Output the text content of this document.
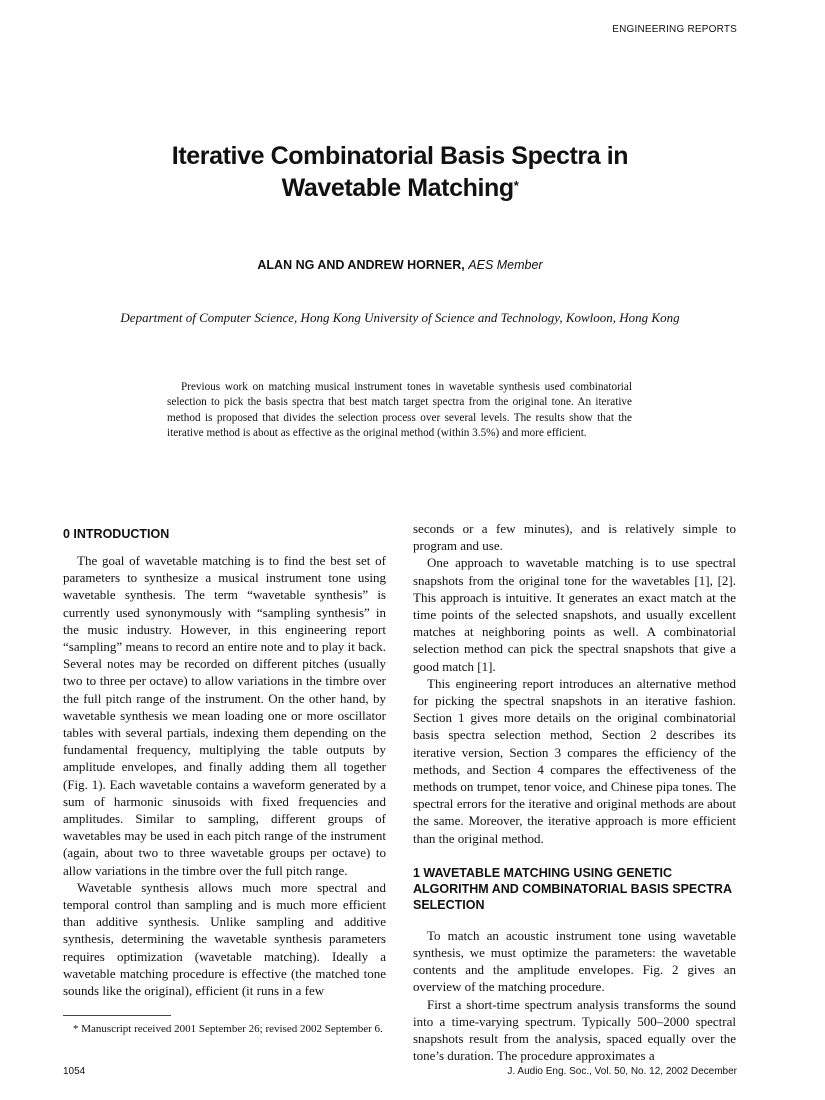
ENGINEERING REPORTS
Iterative Combinatorial Basis Spectra in
Wavetable Matching*
ALAN NG AND ANDREW HORNER, AES Member
Department of Computer Science, Hong Kong University of Science and Technology, Kowloon, Hong Kong

Previous work on matching musical instrument tones in wavetable synthesis used combinatorial selection to pick the basis spectra that best match target spectra from the original tone. An iterative method is proposed that divides the selection process over several levels. The results show that the iterative method is about as effective as the original method (within 3.5%) and more efficient.

0 INTRODUCTION

The goal of wavetable matching is to find the best set of parameters to synthesize a musical instrument tone using wavetable synthesis. The term “wavetable synthesis” is currently used synonymously with “sampling synthesis” in the music industry. However, in this engineering report “sampling” means to record an entire note and to play it back. Several notes may be recorded on different pitches (usually two to three per octave) to allow variations in the timbre over the full pitch range of the instrument. On the other hand, by wavetable synthesis we mean loading one or more oscillator tables with several partials, indexing them depending on the fundamental frequency, multiplying the table outputs by amplitude envelopes, and finally adding them all together (Fig. 1). Each wavetable contains a waveform generated by a sum of harmonic sinusoids with fixed frequencies and amplitudes. Similar to sampling, different groups of wavetables may be used in each pitch range of the instrument (again, about two to three wavetable groups per octave) to allow variations in the timbre over the full pitch range.

Wavetable synthesis allows much more spectral and temporal control than sampling and is much more efficient than additive synthesis. Unlike sampling and additive synthesis, determining the wavetable synthesis parameters requires optimization (wavetable matching). Ideally a wavetable matching procedure is effective (the matched tone sounds like the original), efficient (it runs in a few

seconds or a few minutes), and is relatively simple to program and use.

One approach to wavetable matching is to use spectral snapshots from the original tone for the wavetables [1], [2]. This approach is intuitive. It generates an exact match at the time points of the selected snapshots, and usually excellent matches at neighboring points as well. A combinatorial selection method can pick the spectral snapshots that give a good match [1].

This engineering report introduces an alternative method for picking the spectral snapshots in an iterative fashion. Section 1 gives more details on the original combinatorial basis spectra selection method, Section 2 describes its iterative version, Section 3 compares the efficiency of the methods, and Section 4 compares the effectiveness of the methods on trumpet, tenor voice, and Chinese pipa tones. The spectral errors for the iterative and original methods are about the same. Moreover, the iterative approach is more efficient than the original method.

1 WAVETABLE MATCHING USING GENETIC ALGORITHM AND COMBINATORIAL BASIS SPECTRA SELECTION

To match an acoustic instrument tone using wavetable synthesis, we must optimize the parameters: the wavetable contents and the amplitude envelopes. Fig. 2 gives an overview of the matching procedure.

First a short-time spectrum analysis transforms the sound into a time-varying spectrum. Typically 500–2000 spectral snapshots result from the analysis, spaced equally over the tone’s duration. The procedure approximates a

* Manuscript received 2001 September 26; revised 2002 September 6.

1054	J. Audio Eng. Soc., Vol. 50, No. 12, 2002 December
